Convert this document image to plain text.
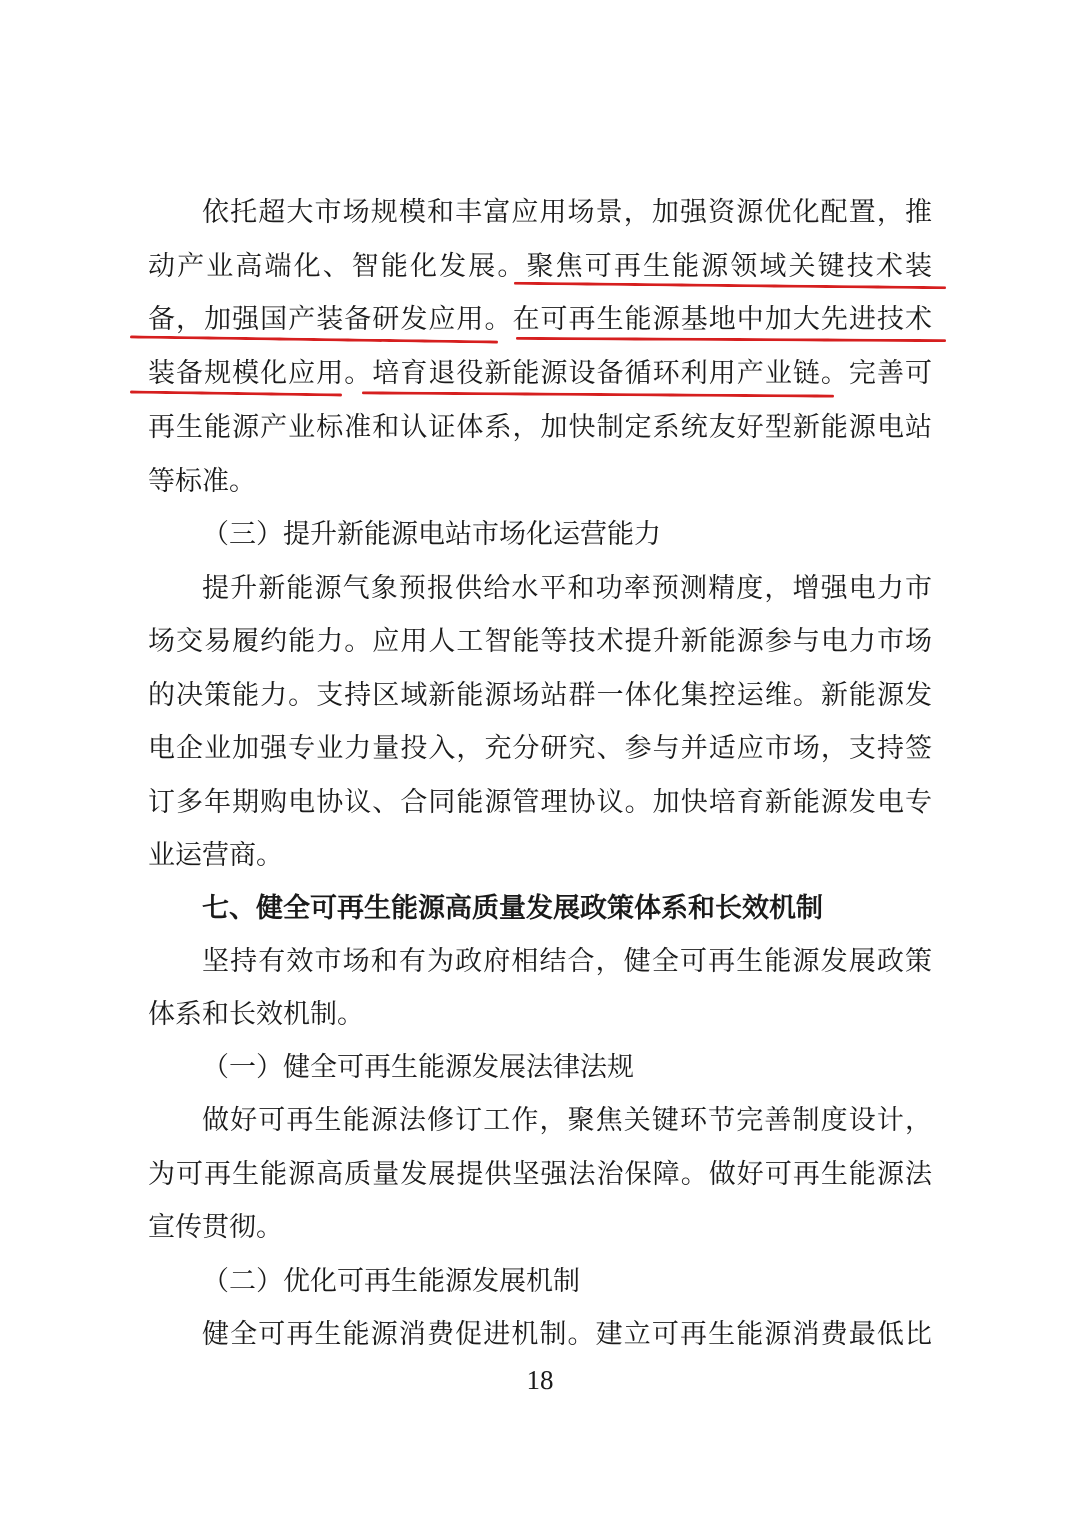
依托超大市场规模和丰富应用场景，加强资源优化配置，推
动产业高端化、智能化发展。聚焦可再生能源领域关键技术装
备，加强国产装备研发应用。在可再生能源基地中加大先进技术
装备规模化应用。培育退役新能源设备循环利用产业链。完善可
再生能源产业标准和认证体系，加快制定系统友好型新能源电站
等标准。
（三）提升新能源电站市场化运营能力
提升新能源气象预报供给水平和功率预测精度，增强电力市
场交易履约能力。应用人工智能等技术提升新能源参与电力市场
的决策能力。支持区域新能源场站群一体化集控运维。新能源发
电企业加强专业力量投入，充分研究、参与并适应市场，支持签
订多年期购电协议、合同能源管理协议。加快培育新能源发电专
业运营商。
七、健全可再生能源高质量发展政策体系和长效机制
坚持有效市场和有为政府相结合，健全可再生能源发展政策
体系和长效机制。
（一）健全可再生能源发展法律法规
做好可再生能源法修订工作，聚焦关键环节完善制度设计，
为可再生能源高质量发展提供坚强法治保障。做好可再生能源法
宣传贯彻。
（二）优化可再生能源发展机制
健全可再生能源消费促进机制。建立可再生能源消费最低比
18
